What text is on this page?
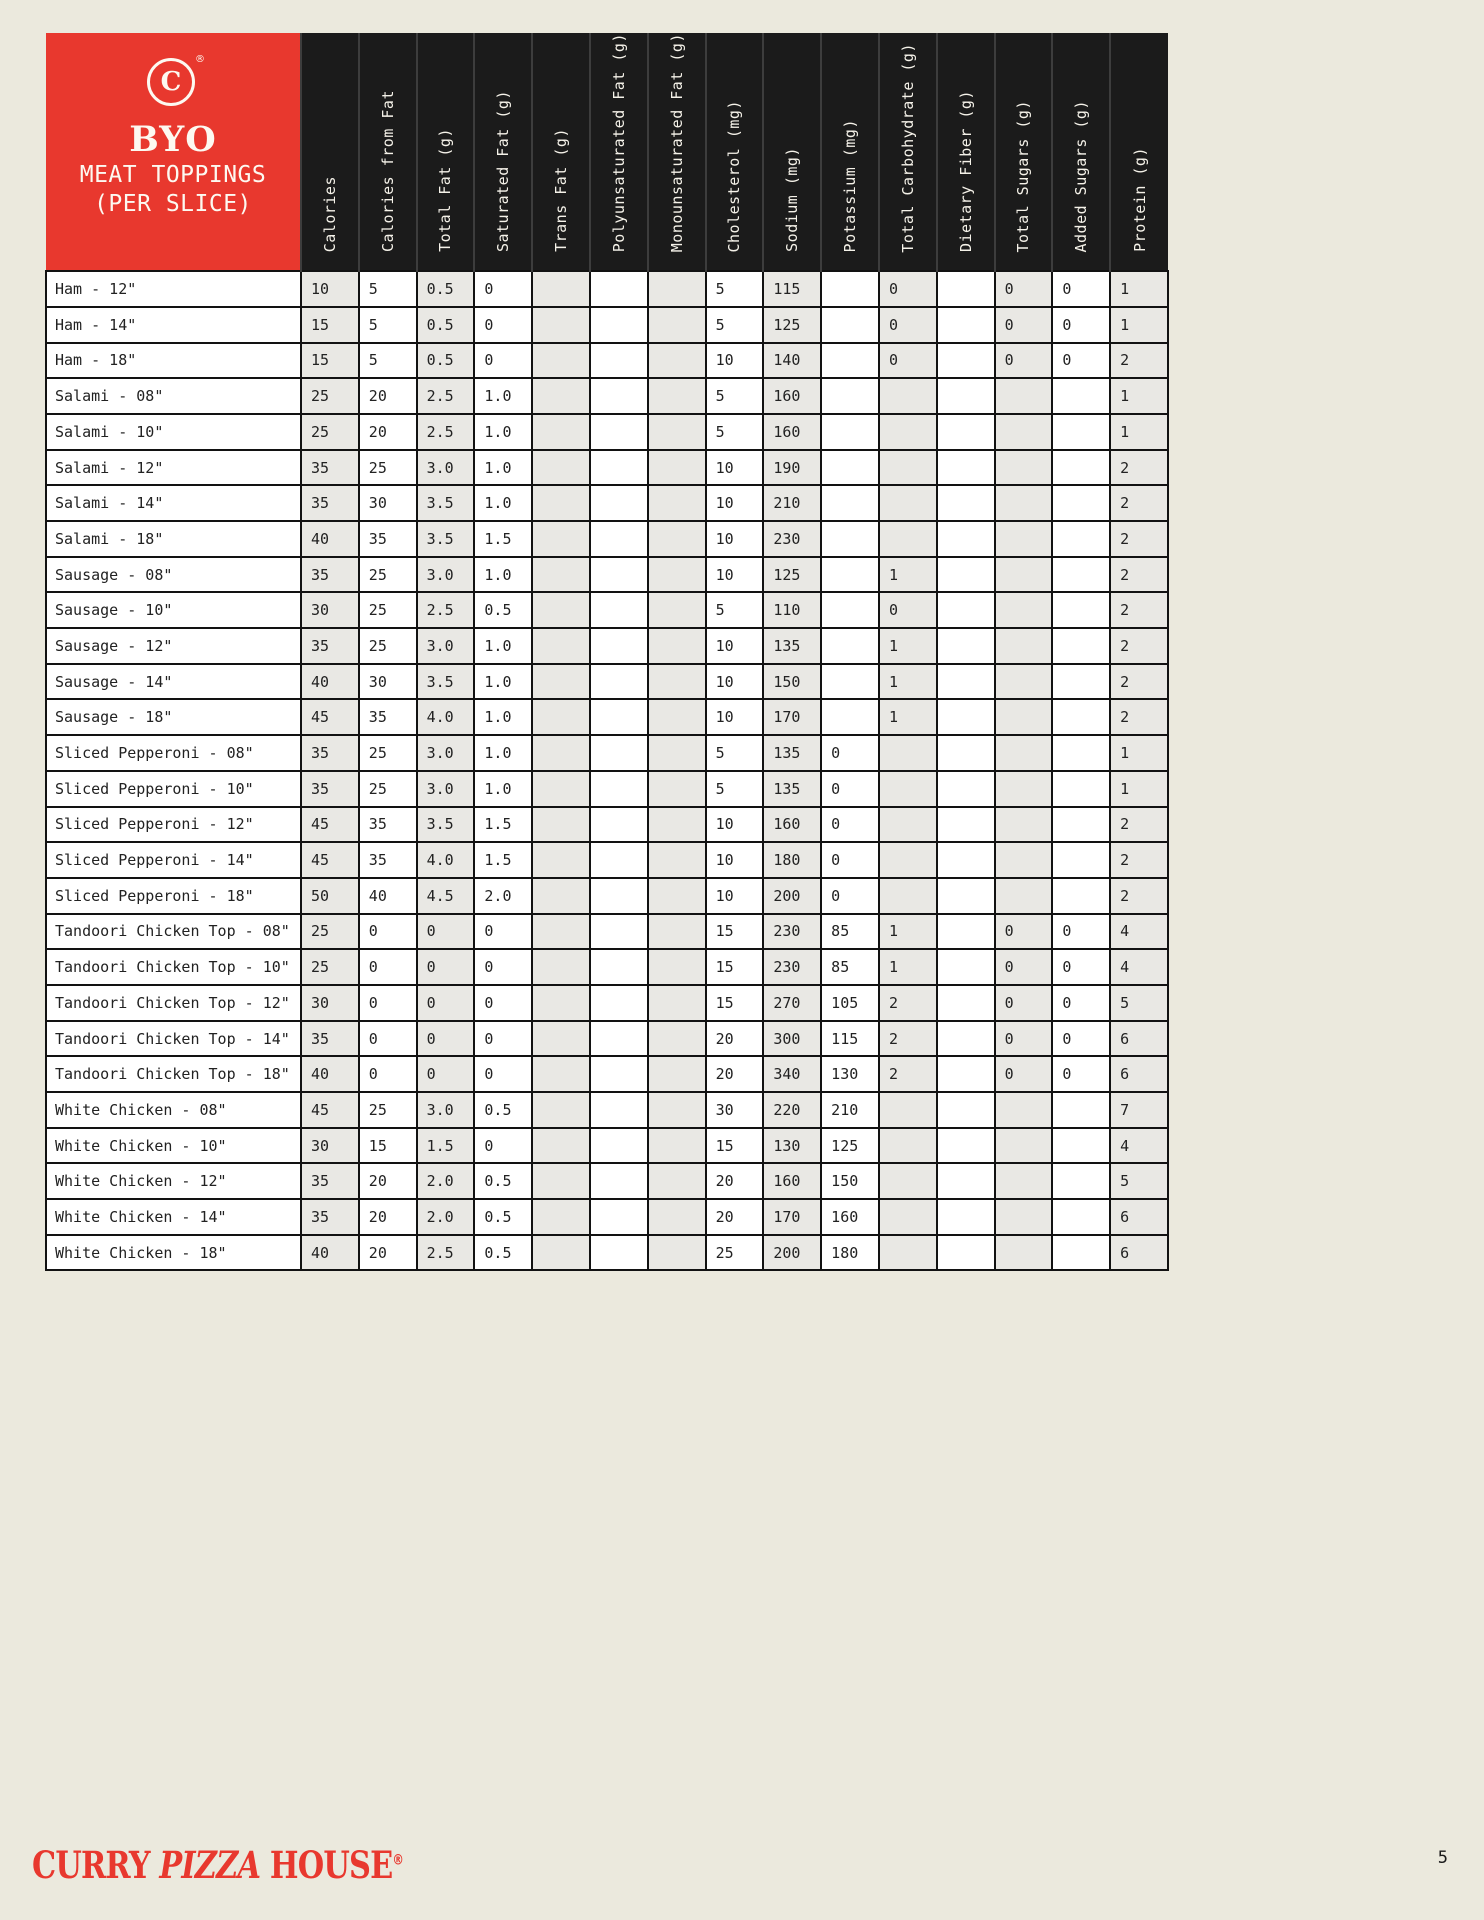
C
®
BYO
MEAT TOPPINGS
(PER SLICE)	Calories	Calories from Fat	Total Fat (g)	Saturated Fat (g)	Trans Fat (g)	Polyunsaturated Fat (g)	Monounsaturated Fat (g)	Cholesterol (mg)	Sodium (mg)	Potassium (mg)	Total Carbohydrate (g)	Dietary Fiber (g)	Total Sugars (g)	Added Sugars (g)	Protein (g)
Ham - 12"	10	5	0.5	0				5	115		0		0	0	1
Ham - 14"	15	5	0.5	0				5	125		0		0	0	1
Ham - 18"	15	5	0.5	0				10	140		0		0	0	2
Salami - 08"	25	20	2.5	1.0				5	160						1
Salami - 10"	25	20	2.5	1.0				5	160						1
Salami - 12"	35	25	3.0	1.0				10	190						2
Salami - 14"	35	30	3.5	1.0				10	210						2
Salami - 18"	40	35	3.5	1.5				10	230						2
Sausage - 08"	35	25	3.0	1.0				10	125		1				2
Sausage - 10"	30	25	2.5	0.5				5	110		0				2
Sausage - 12"	35	25	3.0	1.0				10	135		1				2
Sausage - 14"	40	30	3.5	1.0				10	150		1				2
Sausage - 18"	45	35	4.0	1.0				10	170		1				2
Sliced Pepperoni - 08"	35	25	3.0	1.0				5	135	0					1
Sliced Pepperoni - 10"	35	25	3.0	1.0				5	135	0					1
Sliced Pepperoni - 12"	45	35	3.5	1.5				10	160	0					2
Sliced Pepperoni - 14"	45	35	4.0	1.5				10	180	0					2
Sliced Pepperoni - 18"	50	40	4.5	2.0				10	200	0					2
Tandoori Chicken Top - 08"	25	0	0	0				15	230	85	1		0	0	4
Tandoori Chicken Top - 10"	25	0	0	0				15	230	85	1		0	0	4
Tandoori Chicken Top - 12"	30	0	0	0				15	270	105	2		0	0	5
Tandoori Chicken Top - 14"	35	0	0	0				20	300	115	2		0	0	6
Tandoori Chicken Top - 18"	40	0	0	0				20	340	130	2		0	0	6
White Chicken - 08"	45	25	3.0	0.5				30	220	210					7
White Chicken - 10"	30	15	1.5	0				15	130	125					4
White Chicken - 12"	35	20	2.0	0.5				20	160	150					5
White Chicken - 14"	35	20	2.0	0.5				20	170	160					6
White Chicken - 18"	40	20	2.5	0.5				25	200	180					6
CURRY PIZZA HOUSE®	5
